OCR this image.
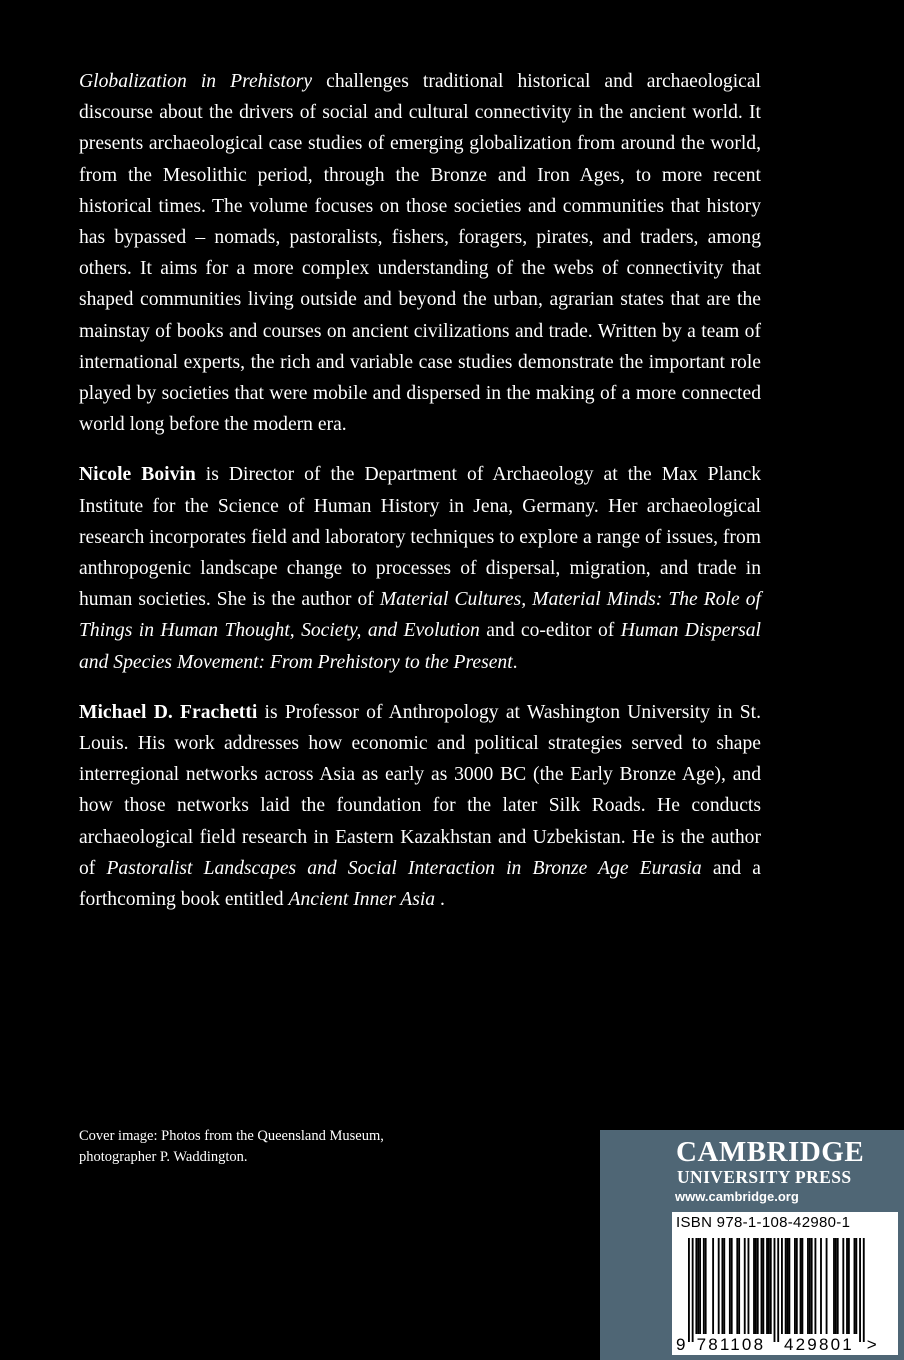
Globalization in Prehistory challenges traditional historical and archaeological discourse about the drivers of social and cultural connectivity in the ancient world. It presents archaeological case studies of emerging globalization from around the world, from the Mesolithic period, through the Bronze and Iron Ages, to more recent historical times. The volume focuses on those societies and communities that history has bypassed – nomads, pastoralists, fishers, foragers, pirates, and traders, among others. It aims for a more complex understanding of the webs of connectivity that shaped communities living outside and beyond the urban, agrarian states that are the mainstay of books and courses on ancient civilizations and trade. Written by a team of international experts, the rich and variable case studies demonstrate the important role played by societies that were mobile and dispersed in the making of a more connected world long before the modern era.

Nicole Boivin is Director of the Department of Archaeology at the Max Planck Institute for the Science of Human History in Jena, Germany. Her archaeological research incorporates field and laboratory techniques to explore a range of issues, from anthropogenic landscape change to processes of dispersal, migration, and trade in human societies. She is the author of Material Cultures, Material Minds: The Role of Things in Human Thought, Society, and Evolution and co-editor of Human Dispersal and Species Movement: From Prehistory to the Present.

Michael D. Frachetti is Professor of Anthropology at Washington University in St. Louis. His work addresses how economic and political strategies served to shape interregional networks across Asia as early as 3000 BC (the Early Bronze Age), and how those networks laid the foundation for the later Silk Roads. He conducts archaeological field research in Eastern Kazakhstan and Uzbekistan. He is the author of Pastoralist Landscapes and Social Interaction in Bronze Age Eurasia and a forthcoming book entitled Ancient Inner Asia .

Cover image: Photos from the Queensland Museum, photographer P. Waddington.	CAMBRIDGE
UNIVERSITY PRESS
www.cambridge.org
ISBN 978-1-108-42980-1
9 781108 429801 >
